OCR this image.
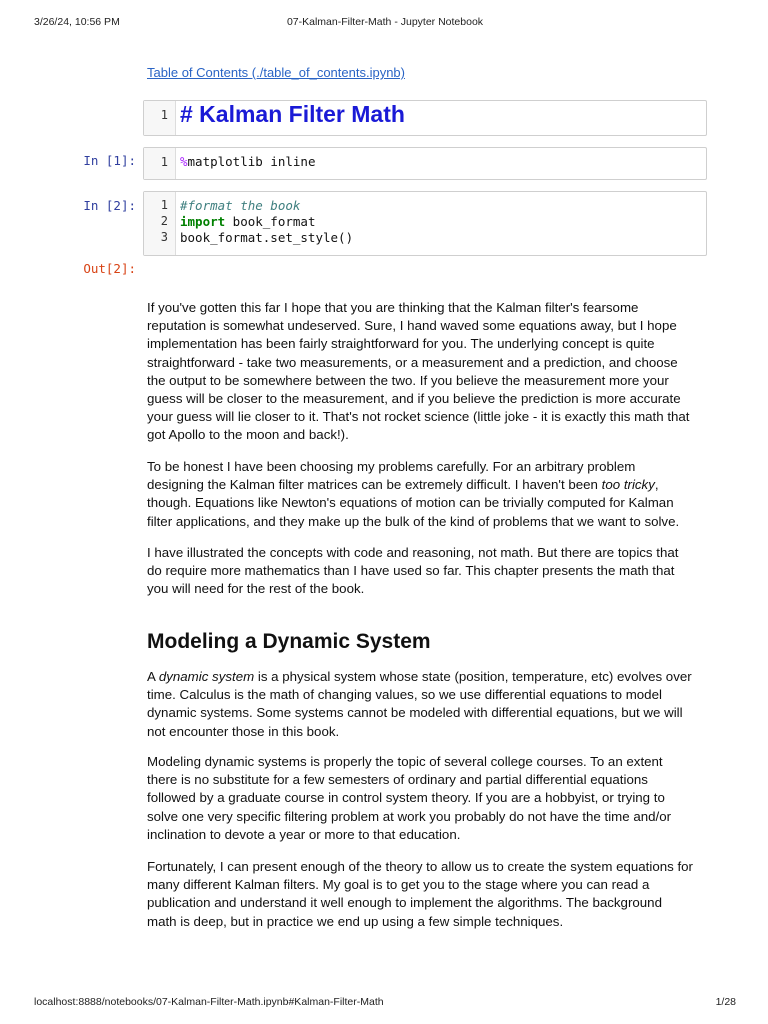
3/26/24, 10:56 PM	07-Kalman-Filter-Math - Jupyter Notebook
Table of Contents (./table_of_contents.ipynb)
1 # Kalman Filter Math
In [1]:	1 %matplotlib inline
In [2]:	1
2
3
#format the book
import book_format
book_format.set_style()
Out[2]:

If you've gotten this far I hope that you are thinking that the Kalman filter's fearsome reputation is somewhat undeserved. Sure, I hand waved some equations away, but I hope implementation has been fairly straightforward for you. The underlying concept is quite straightforward - take two measurements, or a measurement and a prediction, and choose the output to be somewhere between the two. If you believe the measurement more your guess will be closer to the measurement, and if you believe the prediction is more accurate your guess will lie closer to it. That's not rocket science (little joke - it is exactly this math that got Apollo to the moon and back!).

To be honest I have been choosing my problems carefully. For an arbitrary problem designing the Kalman filter matrices can be extremely difficult. I haven't been too tricky, though. Equations like Newton's equations of motion can be trivially computed for Kalman filter applications, and they make up the bulk of the kind of problems that we want to solve.

I have illustrated the concepts with code and reasoning, not math. But there are topics that do require more mathematics than I have used so far. This chapter presents the math that you will need for the rest of the book.

Modeling a Dynamic System

A dynamic system is a physical system whose state (position, temperature, etc) evolves over time. Calculus is the math of changing values, so we use differential equations to model dynamic systems. Some systems cannot be modeled with differential equations, but we will not encounter those in this book.

Modeling dynamic systems is properly the topic of several college courses. To an extent there is no substitute for a few semesters of ordinary and partial differential equations followed by a graduate course in control system theory. If you are a hobbyist, or trying to solve one very specific filtering problem at work you probably do not have the time and/or inclination to devote a year or more to that education.

Fortunately, I can present enough of the theory to allow us to create the system equations for many different Kalman filters. My goal is to get you to the stage where you can read a publication and understand it well enough to implement the algorithms. The background math is deep, but in practice we end up using a few simple techniques.

localhost:8888/notebooks/07-Kalman-Filter-Math.ipynb#Kalman-Filter-Math	1/28
